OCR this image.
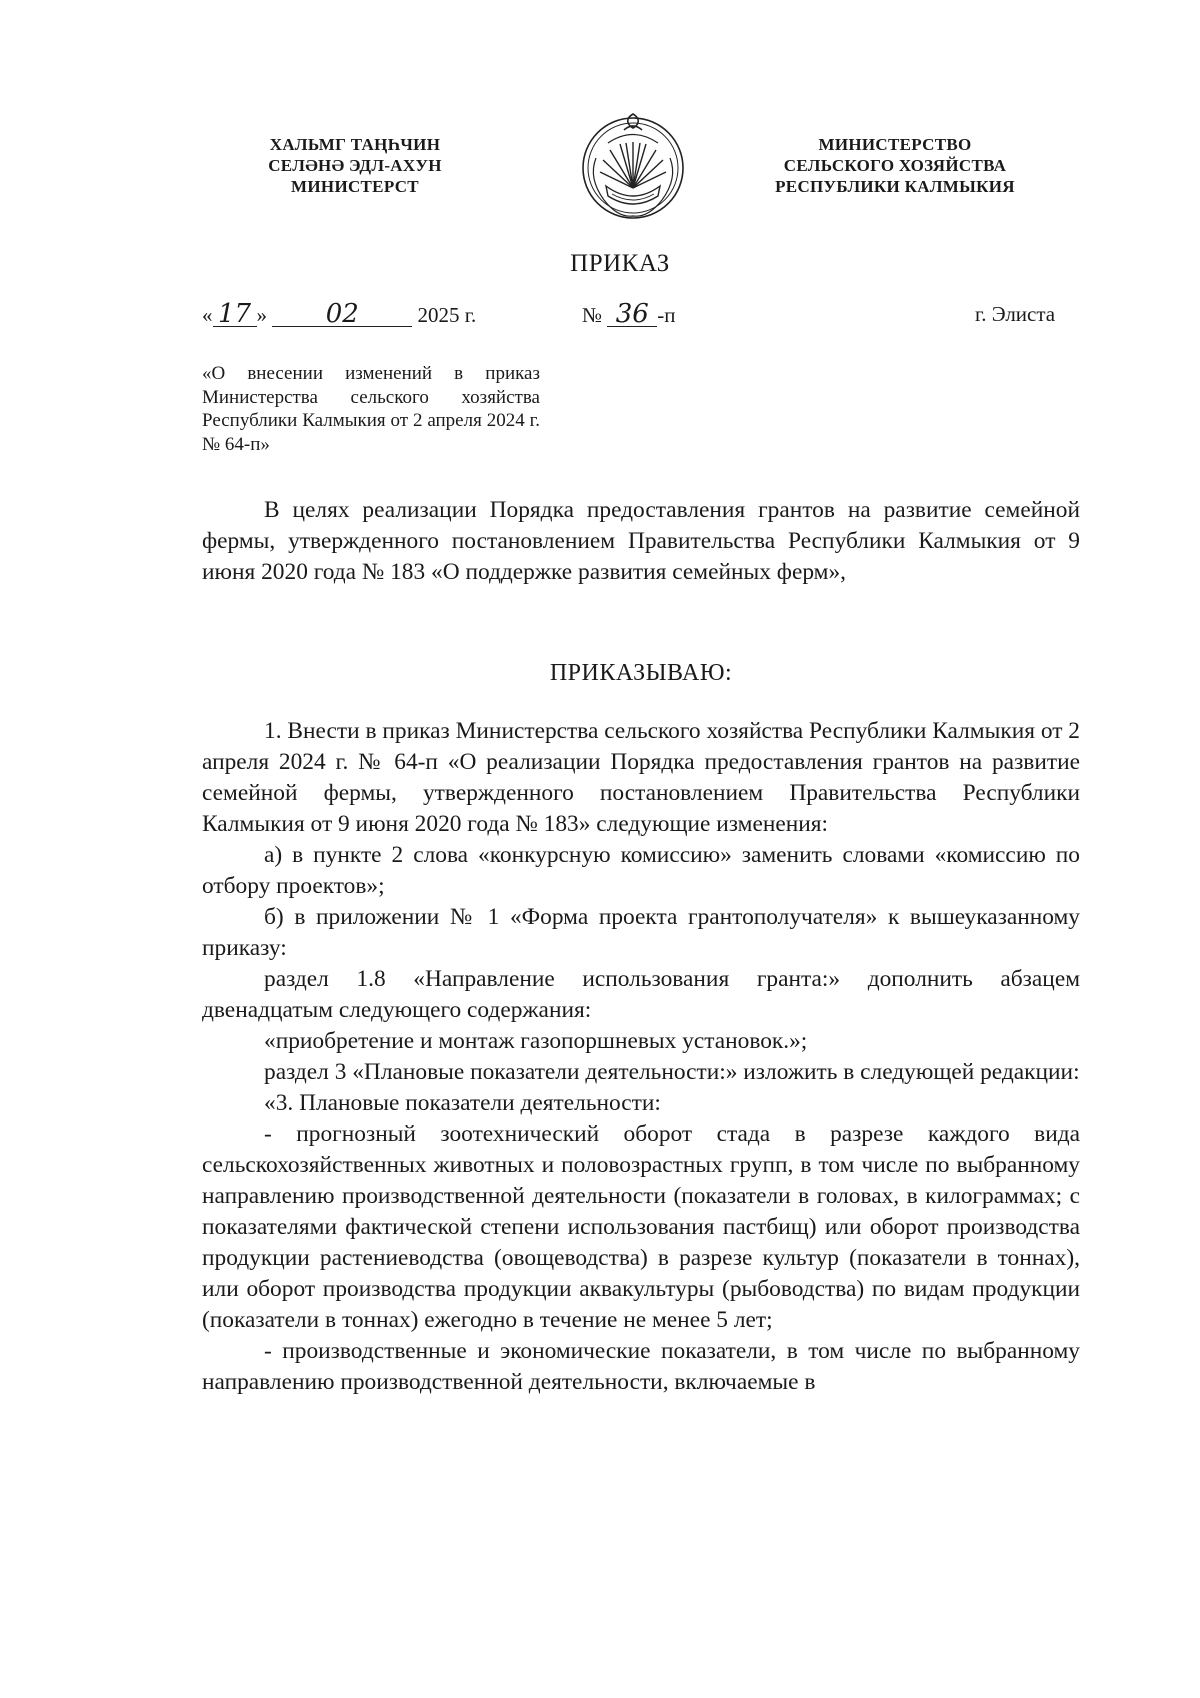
ХАЛЬМГ ТАҢҺЧИН
СЕЛӘНӘ ЭДЛ-АХУН
МИНИСТЕРСТ
МИНИСТЕРСТВО
СЕЛЬСКОГО ХОЗЯЙСТВА
РЕСПУБЛИКИ КАЛМЫКИЯ
ПРИКАЗ
« 17 » 02	2025 г.	№ 36 -п	г. Элиста
«О внесении изменений в приказ Министерства сельского хозяйства Республики Калмыкия от 2 апреля 2024 г. № 64-п»

В целях реализации Порядка предоставления грантов на развитие семейной фермы, утвержденного постановлением Правительства Республики Калмыкия от 9 июня 2020 года № 183 «О поддержке развития семейных ферм»,

ПРИКАЗЫВАЮ:

1. Внести в приказ Министерства сельского хозяйства Республики Калмыкия от 2 апреля 2024 г. № 64-п «О реализации Порядка предоставления грантов на развитие семейной фермы, утвержденного постановлением Правительства Республики Калмыкия от 9 июня 2020 года № 183» следующие изменения:

а) в пункте 2 слова «конкурсную комиссию» заменить словами «комиссию по отбору проектов»;

б) в приложении № 1 «Форма проекта грантополучателя» к вышеуказанному приказу:

раздел 1.8 «Направление использования гранта:» дополнить абзацем двенадцатым следующего содержания:

«приобретение и монтаж газопоршневых установок.»;

раздел 3 «Плановые показатели деятельности:» изложить в следующей редакции:

«3. Плановые показатели деятельности:

- прогнозный зоотехнический оборот стада в разрезе каждого вида сельскохозяйственных животных и половозрастных групп, в том числе по выбранному направлению производственной деятельности (показатели в головах, в килограммах; с показателями фактической степени использования пастбищ) или оборот производства продукции растениеводства (овощеводства) в разрезе культур (показатели в тоннах), или оборот производства продукции аквакультуры (рыбоводства) по видам продукции (показатели в тоннах) ежегодно в течение не менее 5 лет;

- производственные и экономические показатели, в том числе по выбранному направлению производственной деятельности, включаемые в
